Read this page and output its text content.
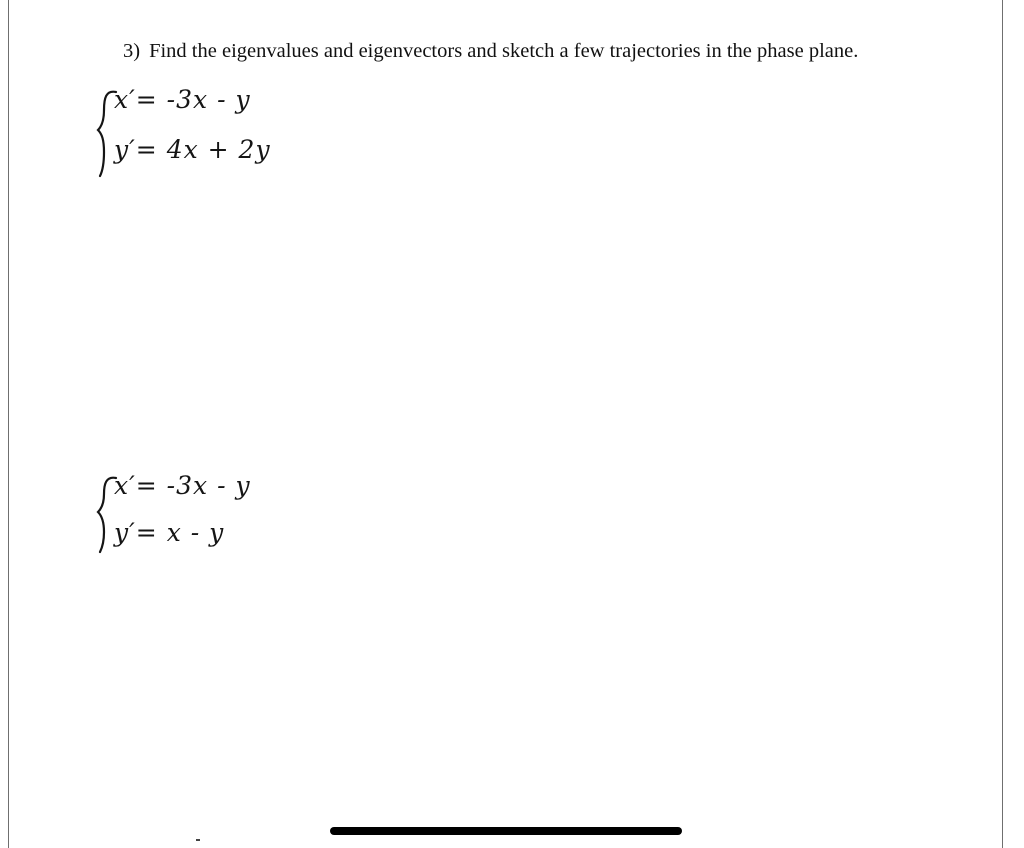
3) Find the eigenvalues and eigenvectors and sketch a few trajectories in the phase plane.
x′= -3x - y
y′= 4x + 2y
x′= -3x - y
y′= x - y
